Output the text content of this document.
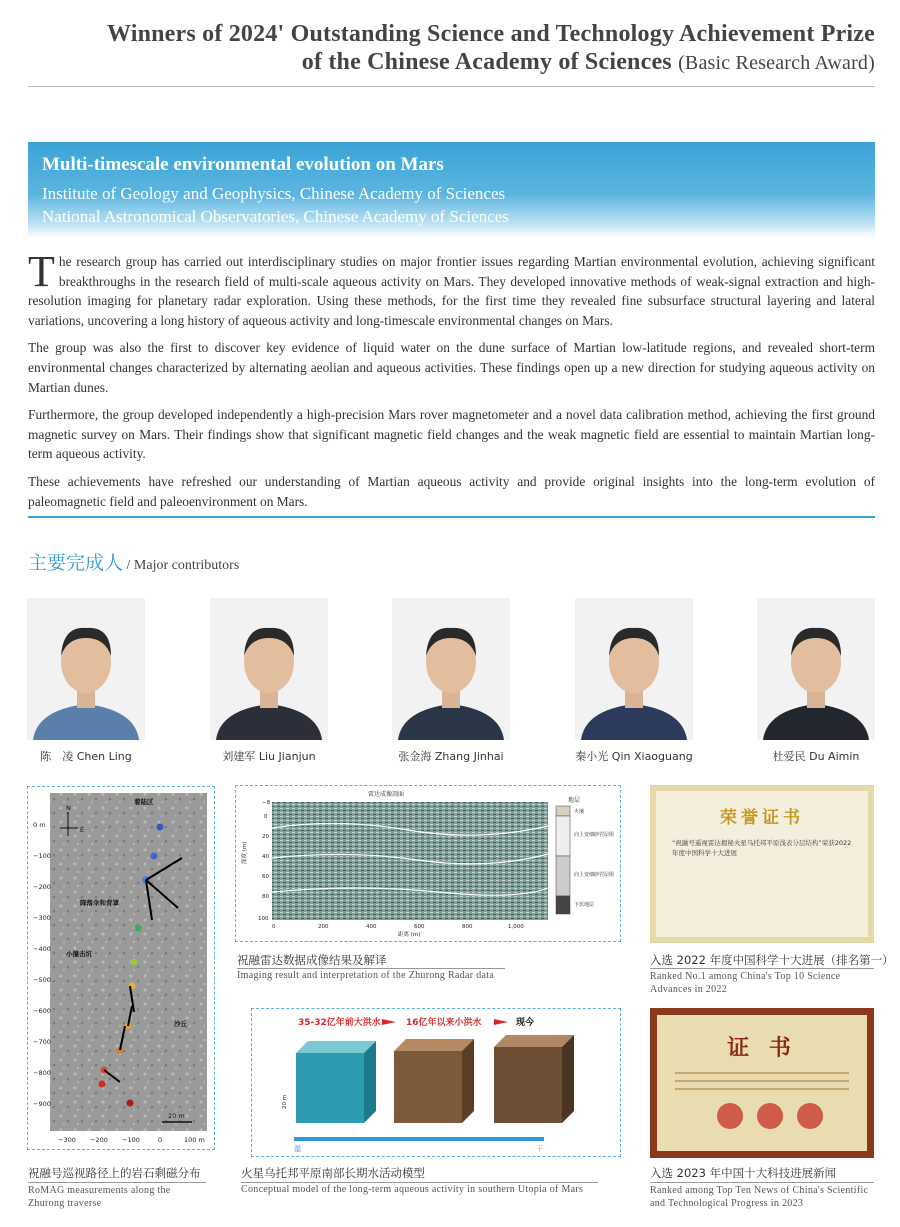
Winners of 2024' Outstanding Science and Technology Achievement Prize
of the Chinese Academy of Sciences (Basic Research Award)
Multi-timescale environmental evolution on Mars
Institute of Geology and Geophysics, Chinese Academy of Sciences
National Astronomical Observatories, Chinese Academy of Sciences

The research group has carried out interdisciplinary studies on major frontier issues regarding Martian environmental evolution, achieving significant breakthroughs in the research field of multi-scale aqueous activity on Mars. They developed innovative methods of weak-signal extraction and high-resolution imaging for planetary radar exploration. Using these methods, for the first time they revealed fine subsurface structural layering and lateral variations, uncovering a long history of aqueous activity and long-timescale environmental changes on Mars.

The group was also the first to discover key evidence of liquid water on the dune surface of Martian low-latitude regions, and revealed short-term environmental changes characterized by alternating aeolian and aqueous activities. These findings open up a new direction for studying aqueous activity on Martian dunes.

Furthermore, the group developed independently a high-precision Mars rover magnetometer and a novel data calibration method, achieving the first ground magnetic survey on Mars. Their findings show that significant magnetic field changes and the weak magnetic field are essential to maintain Martian long-term aqueous activity.

These achievements have refreshed our understanding of Martian aqueous activity and provide original insights into the long-term evolution of paleomagnetic field and paleoenvironment on Mars.

主要完成人 / Major contributors
陈　凌 Chen Ling	刘建军 Liu Jianjun	张金海 Zhang Jinhai	秦小光 Qin Xiaoguang	杜爱民 Du Aimin
0 m
−100
−200
−300
−400
−500
−600
−700
−800
−900
−300 −200 −100	0	100 m
N
E
着陆区
降落伞和背罩
小撞击坑
沙丘
20 m
祝融号巡视路径上的岩石剩磁分布
RoMAG measurements along the Zhurong traverse
雷达成像剖面
深度 (m)
−8
0
20
40
60
80
100
0	200	400	600	800	1,000
距离 (m)
地层
火壤
向上变细砂岩层组
向上变细砂岩层组
下伏地层
祝融雷达数据成像结果及解译
Imaging result and interpretation of the Zhurong Radar data
35-32亿年前大洪水	16亿年以来小洪水	现今
20 m
湿	干
火星乌托邦平原南部长期水活动模型
Conceptual model of the long-term aqueous activity in southern Utopia of Mars
荣誉证书
“祝融号遥视雷达揭秘火星乌托邦平原浅表分层结构”荣获2022年度中国科学十大进展
入选 2022 年度中国科学十大进展（排名第一）
Ranked No.1 among China's Top 10 Science Advances in 2022
证 书
入选 2023 年中国十大科技进展新闻
Ranked among Top Ten News of China's Scientific and Technological Progress in 2023
